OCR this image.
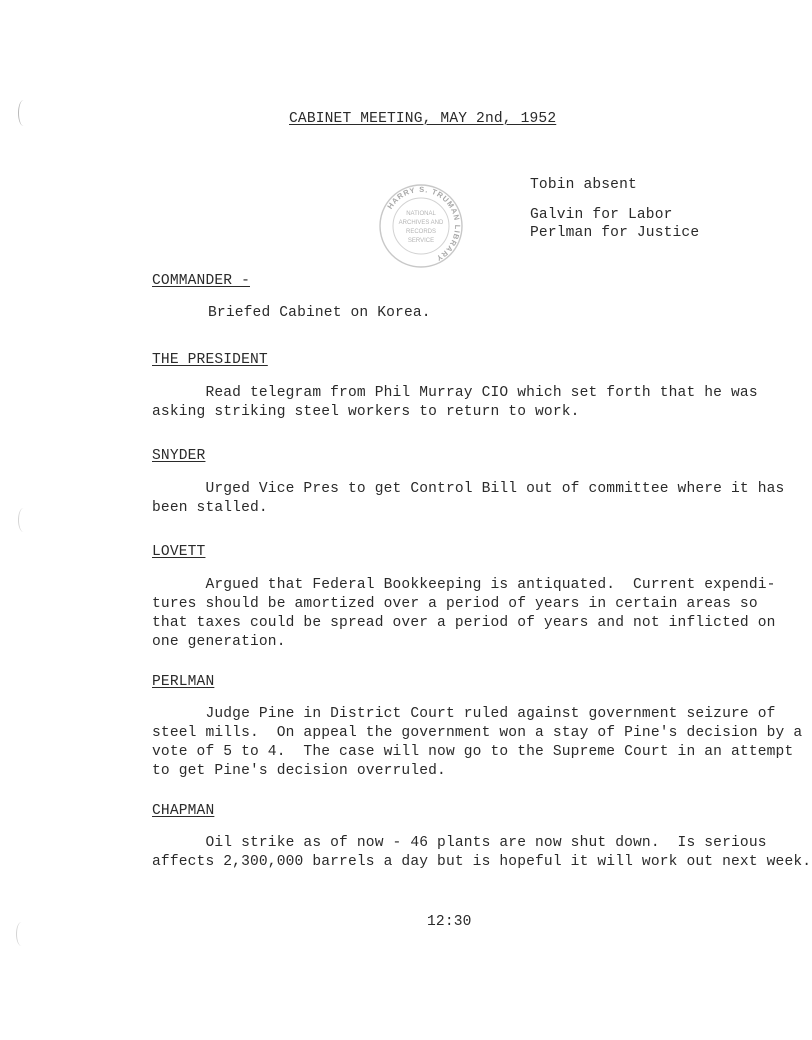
CABINET MEETING, MAY 2nd, 1952
Tobin absent
Galvin for Labor
Perlman for Justice
HARRY S. TRUMAN LIBRARY
NATIONAL
ARCHIVES AND
RECORDS
SERVICE
COMMANDER -
Briefed Cabinet on Korea.
THE PRESIDENT
Read telegram from Phil Murray CIO which set forth that he was
asking striking steel workers to return to work.
SNYDER
Urged Vice Pres to get Control Bill out of committee where it has
been stalled.
LOVETT
Argued that Federal Bookkeeping is antiquated.  Current expendi-
tures should be amortized over a period of years in certain areas so
that taxes could be spread over a period of years and not inflicted on
one generation.
PERLMAN
Judge Pine in District Court ruled against government seizure of
steel mills.  On appeal the government won a stay of Pine's decision by a
vote of 5 to 4.  The case will now go to the Supreme Court in an attempt
to get Pine's decision overruled.
CHAPMAN
Oil strike as of now - 46 plants are now shut down.  Is serious
affects 2,300,000 barrels a day but is hopeful it will work out next week.
12:30
